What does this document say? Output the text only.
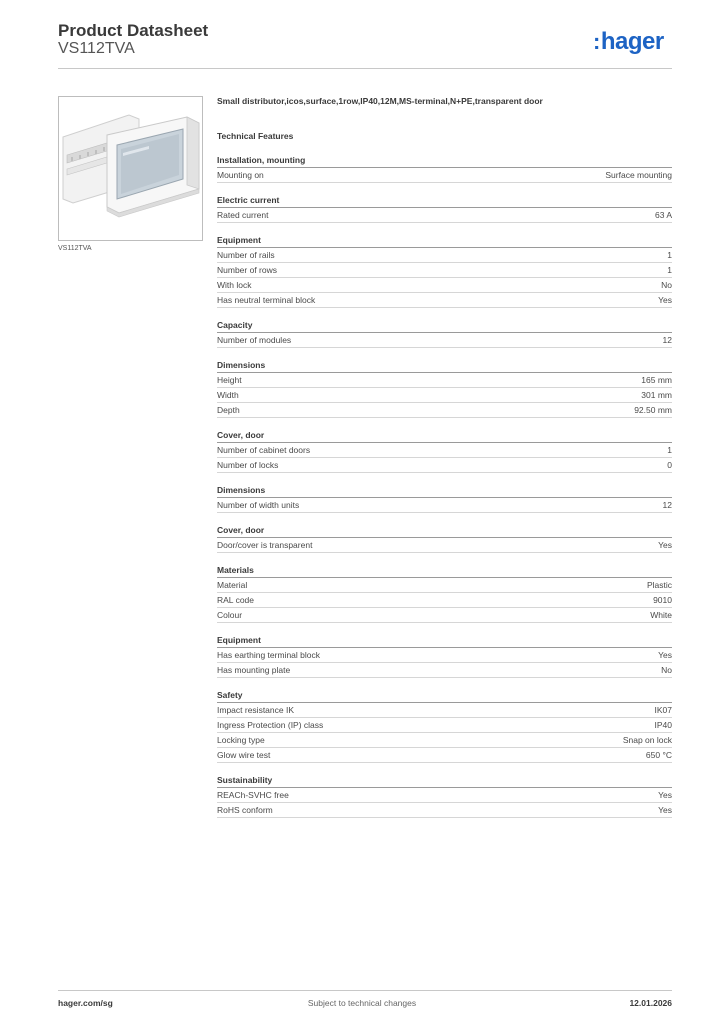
Product Datasheet
VS112TVA	:hager
VS112TVA
Small distributor,icos,surface,1row,IP40,12M,MS-terminal,N+PE,transparent door
Technical Features
Installation, mounting
Mounting on	Surface mounting
Electric current
Rated current	63 A
Equipment
Number of rails	1
Number of rows	1
With lock	No
Has neutral terminal block	Yes
Capacity
Number of modules	12
Dimensions
Height	165 mm
Width	301 mm
Depth	92.50 mm
Cover, door
Number of cabinet doors	1
Number of locks	0
Dimensions
Number of width units	12
Cover, door
Door/cover is transparent	Yes
Materials
Material	Plastic
RAL code	9010
Colour	White
Equipment
Has earthing terminal block	Yes
Has mounting plate	No
Safety
Impact resistance IK	IK07
Ingress Protection (IP) class	IP40
Locking type	Snap on lock
Glow wire test	650 °C
Sustainability
REACh-SVHC free	Yes
RoHS conform	Yes
hager.com/sg	Subject to technical changes	12.01.2026
